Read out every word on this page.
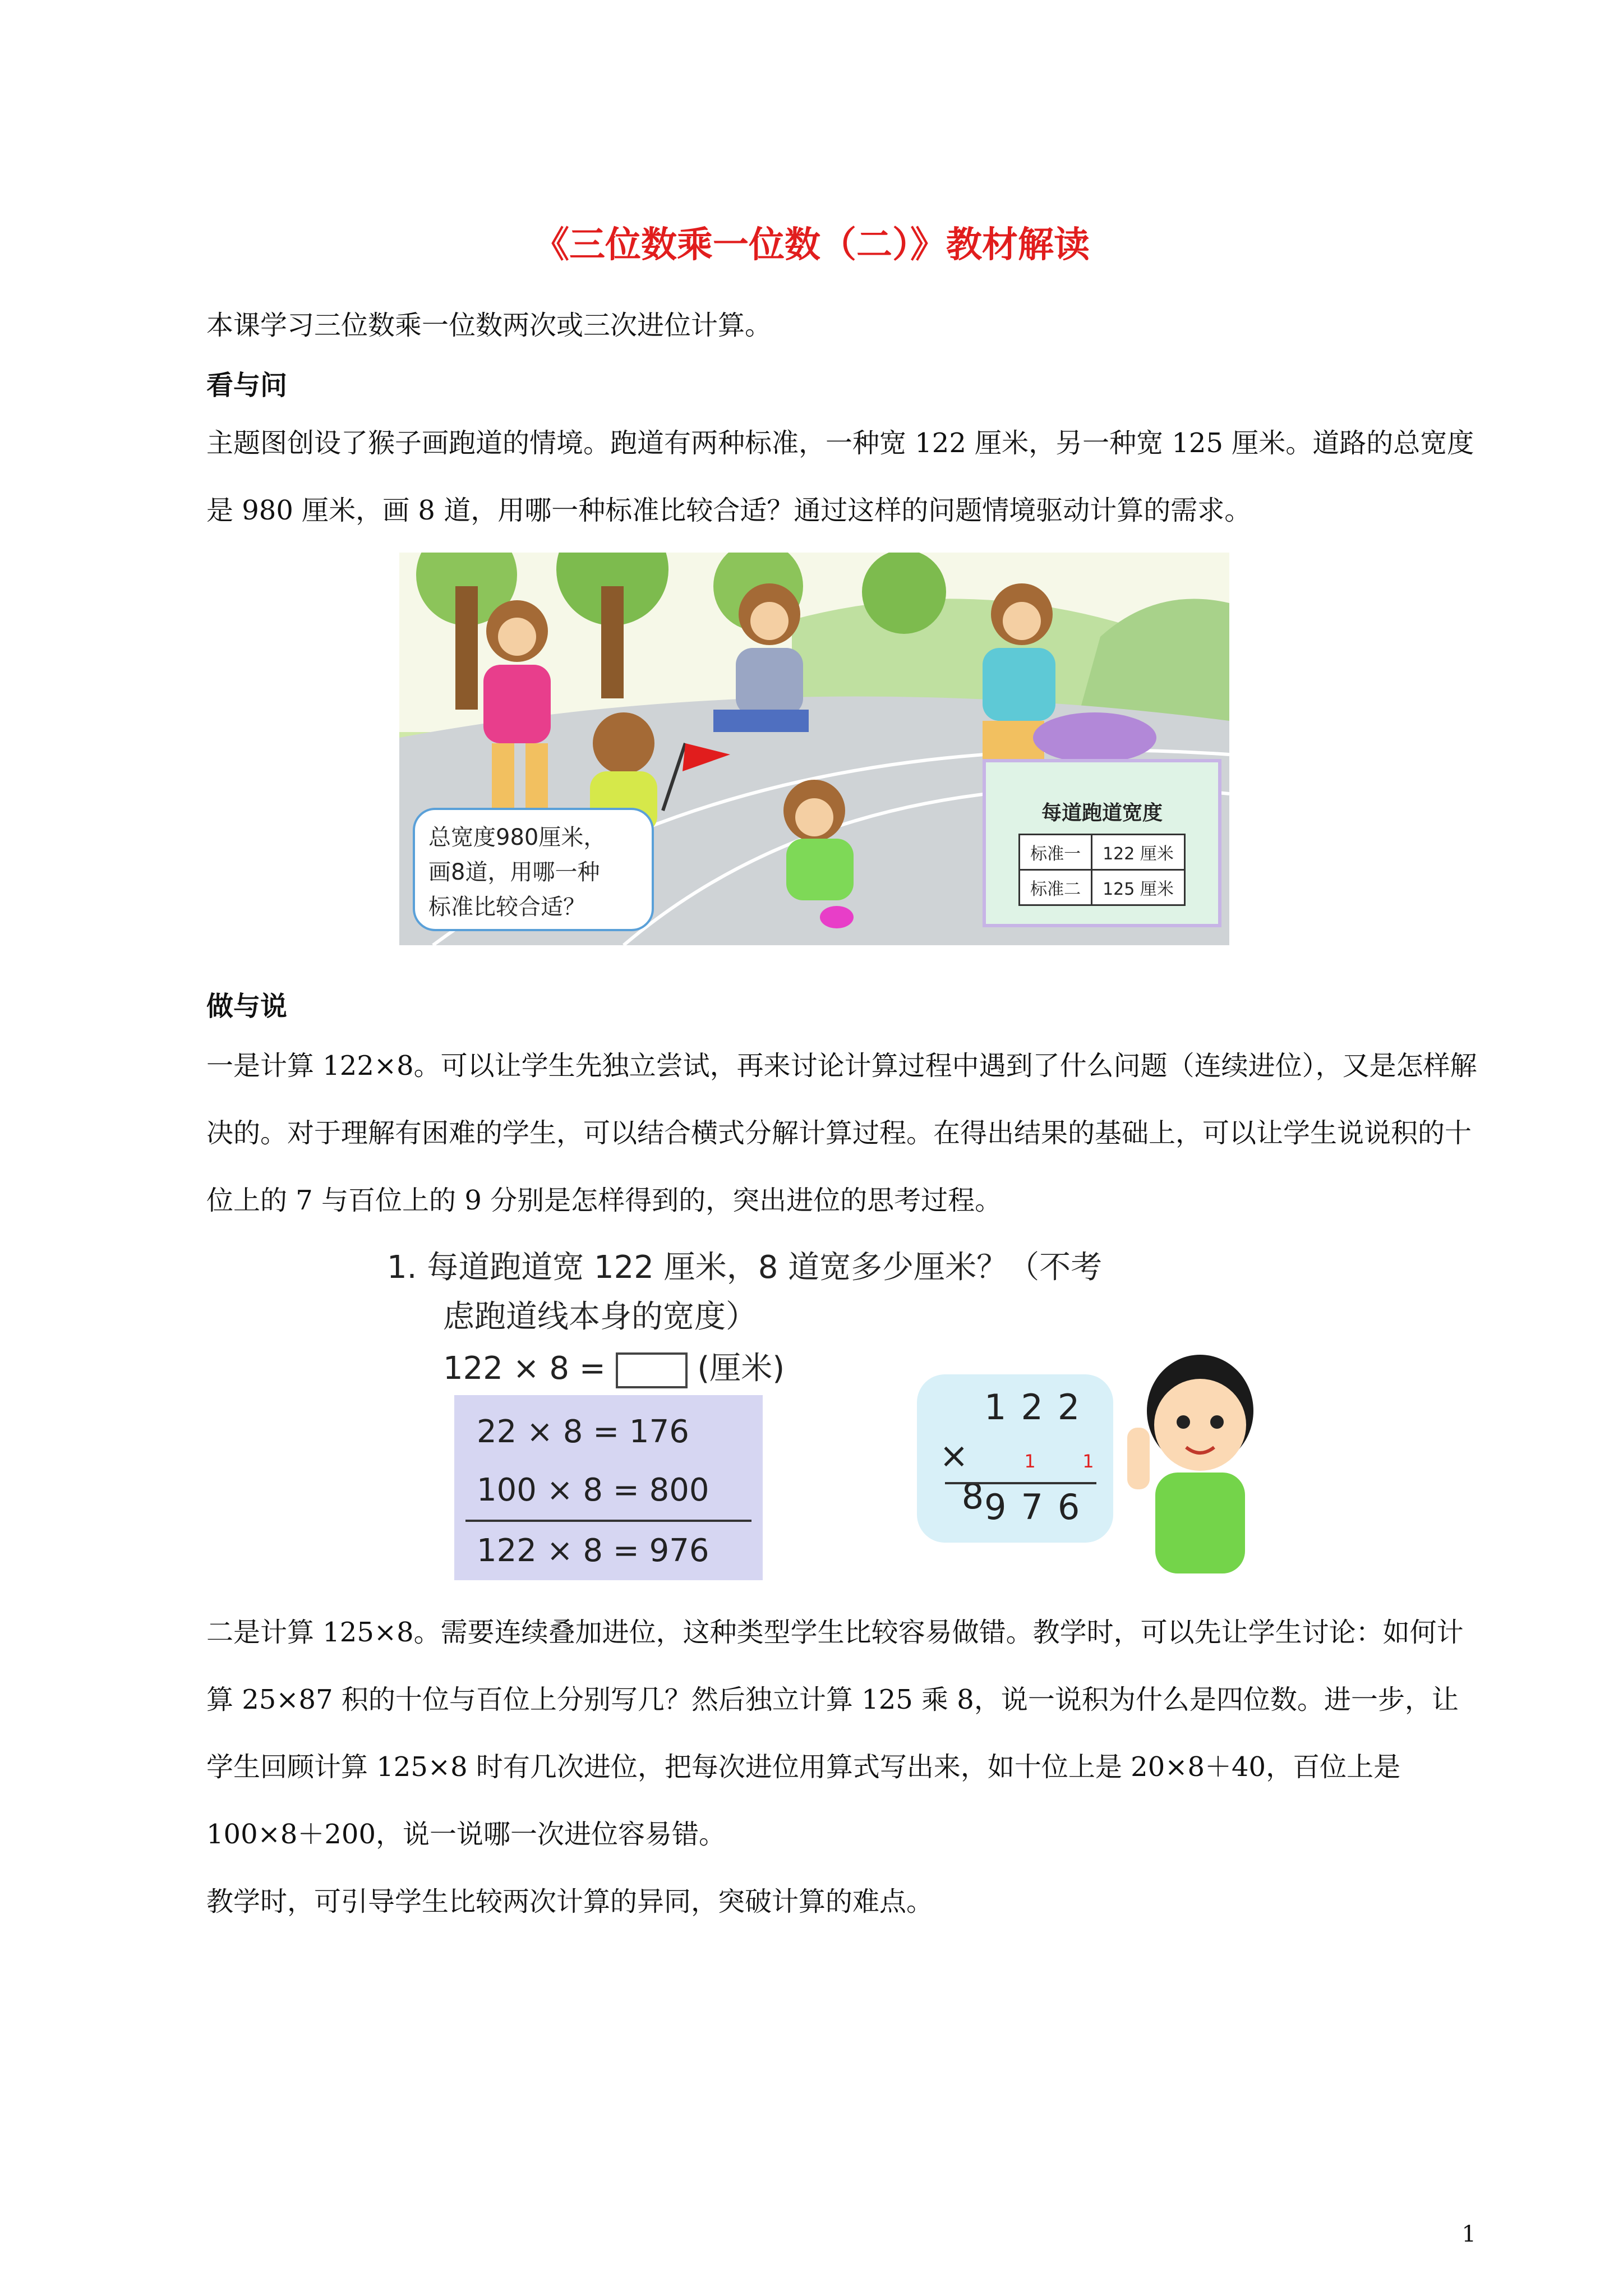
《三位数乘一位数（二）》教材解读

本课学习三位数乘一位数两次或三次进位计算。

看与问

主题图创设了猴子画跑道的情境。跑道有两种标准，一种宽 122 厘米，另一种宽 125 厘米。道路的总宽度是 980 厘米，画 8 道，用哪一种标准比较合适？通过这样的问题情境驱动计算的需求。

总宽度980厘米，
画8道，用哪一种
标准比较合适？
每道跑道宽度
标准一	122 厘米
标准二	125 厘米
做与说

一是计算 122×8。可以让学生先独立尝试，再来讨论计算过程中遇到了什么问题（连续进位），又是怎样解决的。对于理解有困难的学生，可以结合横式分解计算过程。在得出结果的基础上，可以让学生说说积的十位上的 7 与百位上的 9 分别是怎样得到的，突出进位的思考过程。

1. 每道跑道宽 122 厘米，8 道宽多少厘米？（不考
虑跑道线本身的宽度）
122 × 8 =	(厘米)
22 × 8 = 176
100 × 8 = 800
122 × 8 = 976
122
×	1	1  8 976

二是计算 125×8。需要连续叠加进位，这种类型学生比较容易做错。教学时，可以先让学生讨论：如何计算 25×87 积的十位与百位上分别写几？然后独立计算 125 乘 8，说一说积为什么是四位数。进一步，让学生回顾计算 125×8 时有几次进位，把每次进位用算式写出来，如十位上是 20×8＋40，百位上是 100×8＋200，说一说哪一次进位容易错。

教学时，可引导学生比较两次计算的异同，突破计算的难点。

1
